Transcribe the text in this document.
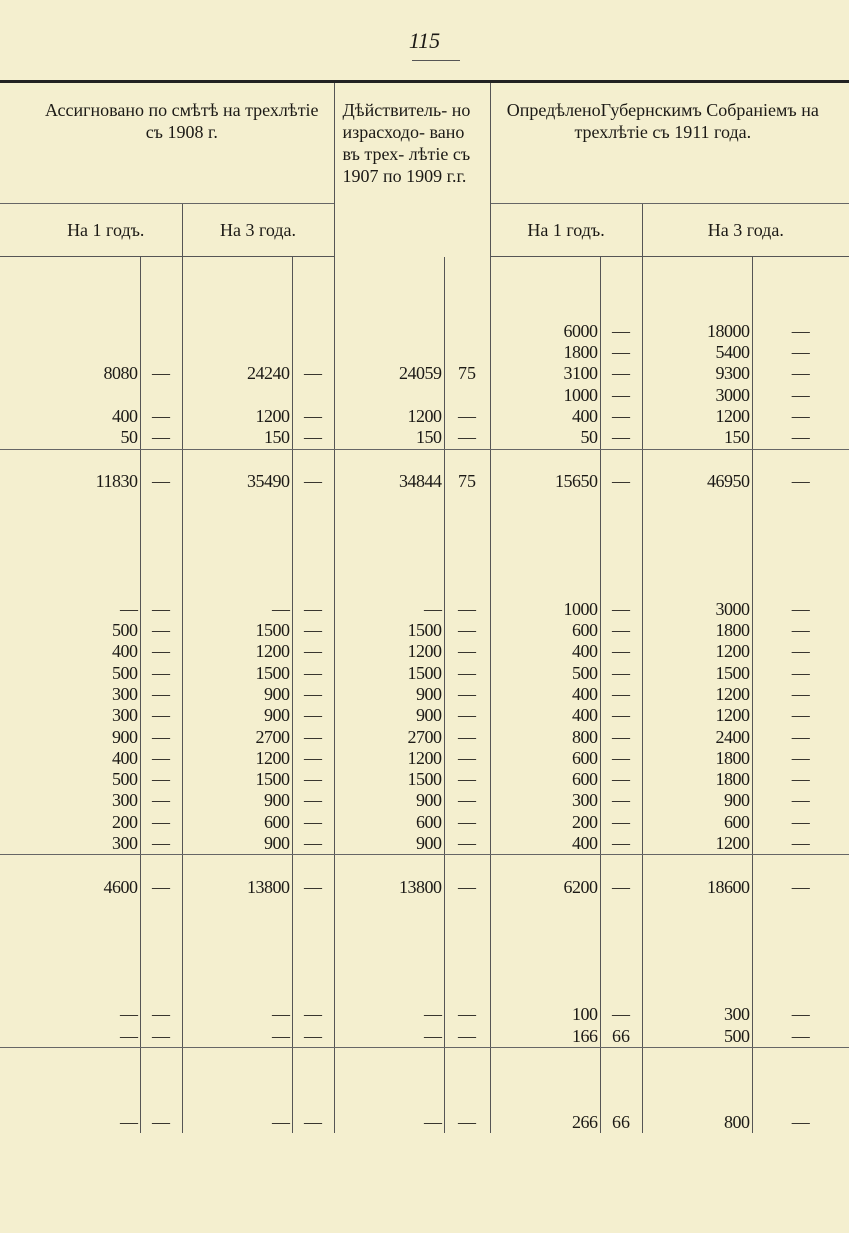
115
Ассигновано по смѣтѣ на трехлѣтіе съ 1908 г.				Дѣйствитель- но израсходо- вано въ трех- лѣтіе съ 1907 по 1909 г.г.		ОпредѣленоГубернскимъ Собраніемъ на трехлѣтіе съ 1911 года.			
На 1 годъ.		На 3 года.				На 1 годъ.		На 3 года.	

						6000	—	18000	—
						1800	—	5400	—
8080	—	24240	—	24059	75	3100	—	9300	—

						1000	—	3000	—
400	—	1200	—	1200	—	400	—	1200	—
50	—	150	—	150	—	50	—	150	—

11830	—	35490	—	34844	75	15650	—	46950	—

—	—	—	—	—	—	1000	—	3000	—
500	—	1500	—	1500	—	600	—	1800	—
400	—	1200	—	1200	—	400	—	1200	—
500	—	1500	—	1500	—	500	—	1500	—
300	—	900	—	900	—	400	—	1200	—
300	—	900	—	900	—	400	—	1200	—
900	—	2700	—	2700	—	800	—	2400	—
400	—	1200	—	1200	—	600	—	1800	—
500	—	1500	—	1500	—	600	—	1800	—
300	—	900	—	900	—	300	—	900	—
200	—	600	—	600	—	200	—	600	—
300	—	900	—	900	—	400	—	1200	—

4600	—	13800	—	13800	—	6200	—	18600	—

—	—	—	—	—	—	100	—	300	—
—	—	—	—	—	—	166	66	500	—

—	—	—	—	—	—	266	66	800	—
